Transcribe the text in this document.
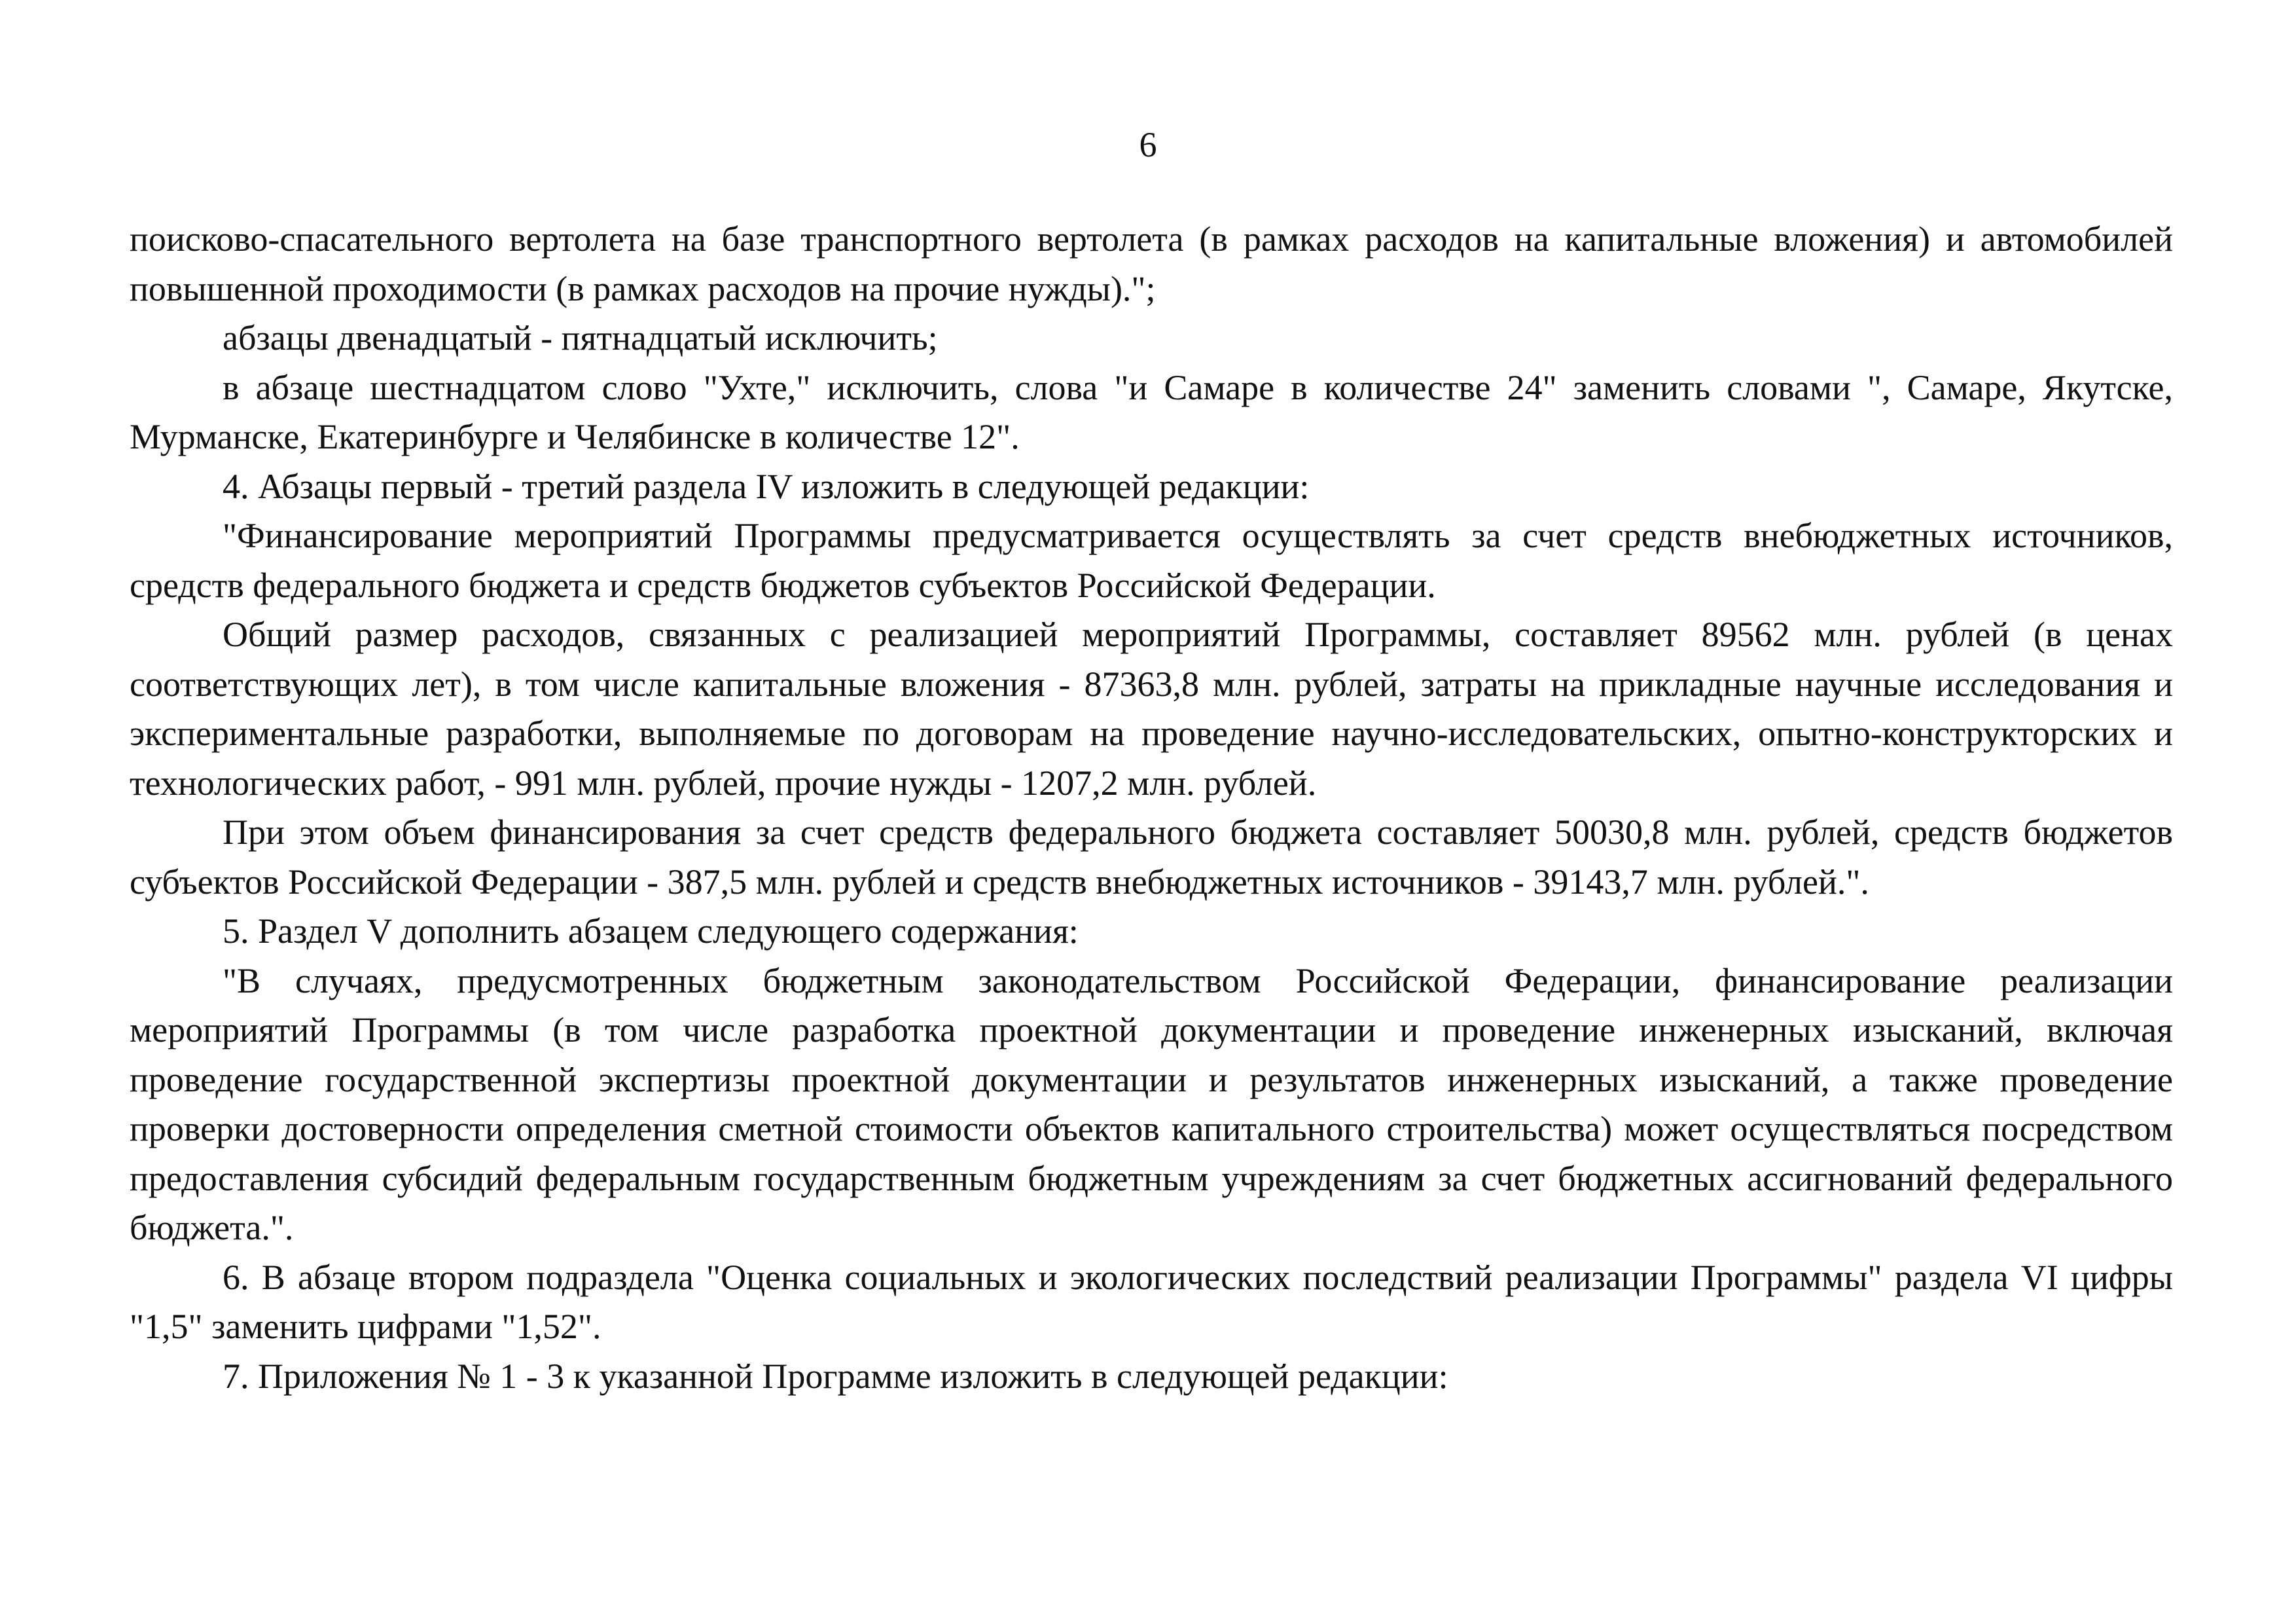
6

поисково-спасательного вертолета на базе транспортного вертолета (в рамках расходов на капитальные вложения) и автомобилей повышенной проходимости (в рамках расходов на прочие нужды).";

абзацы двенадцатый - пятнадцатый исключить;

в абзаце шестнадцатом слово "Ухте," исключить, слова "и Самаре в количестве 24" заменить словами ", Самаре, Якутске, Мурманске, Екатеринбурге и Челябинске в количестве 12".

4. Абзацы первый - третий раздела IV изложить в следующей редакции:

"Финансирование мероприятий Программы предусматривается осуществлять за счет средств внебюджетных источников, средств федерального бюджета и средств бюджетов субъектов Российской Федерации.

Общий размер расходов, связанных с реализацией мероприятий Программы, составляет 89562 млн. рублей (в ценах соответствующих лет), в том числе капитальные вложения - 87363,8 млн. рублей, затраты на прикладные научные исследования и экспериментальные разработки, выполняемые по договорам на проведение научно-исследовательских, опытно-конструкторских и технологических работ, - 991 млн. рублей, прочие нужды - 1207,2 млн. рублей.

При этом объем финансирования за счет средств федерального бюджета составляет 50030,8 млн. рублей, средств бюджетов субъектов Российской Федерации - 387,5 млн. рублей и средств внебюджетных источников - 39143,7 млн. рублей.".

5. Раздел V дополнить абзацем следующего содержания:

"В случаях, предусмотренных бюджетным законодательством Российской Федерации, финансирование реализации мероприятий Программы (в том числе разработка проектной документации и проведение инженерных изысканий, включая проведение государственной экспертизы проектной документации и результатов инженерных изысканий, а также проведение проверки достоверности определения сметной стоимости объектов капитального строительства) может осуществляться посредством предоставления субсидий федеральным государственным бюджетным учреждениям за счет бюджетных ассигнований федерального бюджета.".

6. В абзаце втором подраздела "Оценка социальных и экологических последствий реализации Программы" раздела VI цифры "1,5" заменить цифрами "1,52".

7. Приложения № 1 - 3 к указанной Программе изложить в следующей редакции:
